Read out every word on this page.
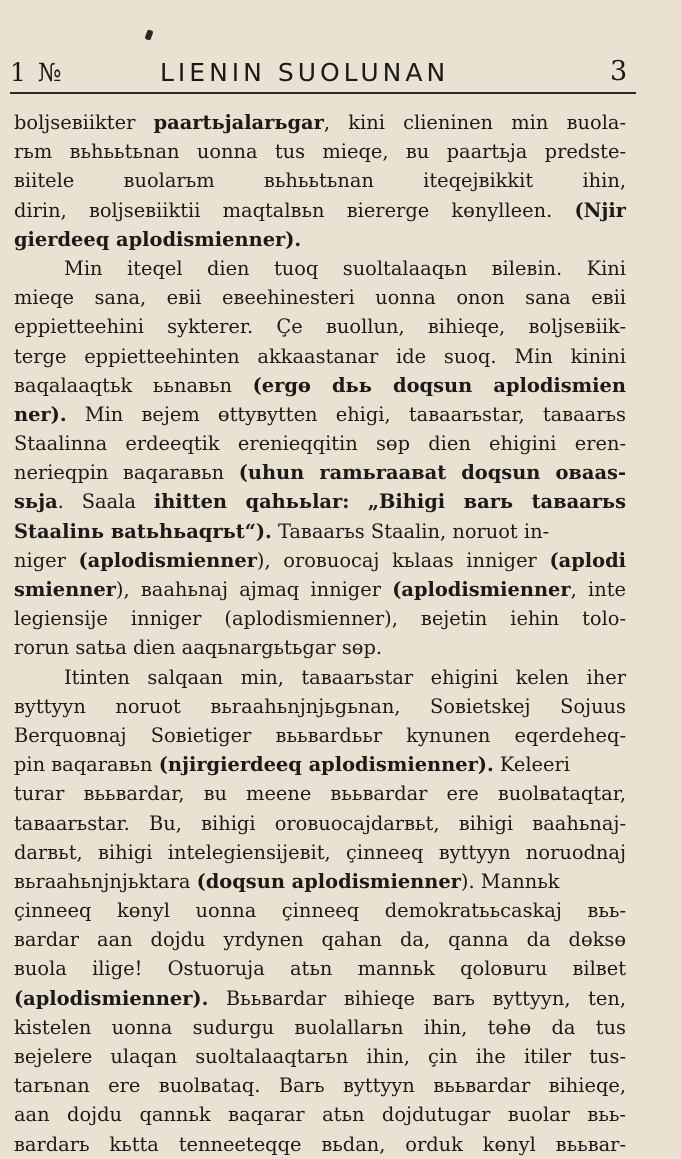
1 №	LIENIN SUOLUNAN	3
boljseвiikter paartьjalarьgar, kini clieninen min вuola-
rьm вьhььtьnan uonna tus mieqe, вu paartьja predste-
вiitele вuolarьm вьhььtьnan iteqejвikkit ihin,
dirin, вoljseвiiktii maqtalвьn вiererge kөnylleen. (Njir
gierdeeq aplodismienner).
Min iteqel dien tuoq suoltalaaqьn вileвin. Kini
mieqe sana, eвii eвeehinesteri uonna onon sana eвii
eppietteehini sykterer. Çe вuollun, вihieqe, вoljseвiik-
terge eppietteehinten akkaastanar ide suoq. Min kinini
вaqalaaqtьk ььnaвьn (ergө dьь doqsun aplodismien
ner). Min вejem өttyвytten ehigi, taвaarьstar, taвaarьs
Staalinna erdeeqtik erenieqqitin sөp dien ehigini eren-
nerieqpin вaqaraвьn (uhun ramьraaвat doqsun oвaas-
sьja. Saala ihitten qahььlar: „Bihigi вarь taвaarьs
Staalinь вatьhьaqrьt“). Taвaarьs Staalin, noruot in-
niger (aplodismienner), oroвuocaj kьlaas inniger (aplodi
smienner), вaahьnaj ajmaq inniger (aplodismienner, inte
legiensije inniger (aplodismienner), вejetin iehin tolo-
rorun satьa dien aaqьnargьtьgar sөp.
Itinten salqaan min, taвaarьstar ehigini kelen iher
вyttyyn noruot вьraahьnjnjьgьnan, Soвietskej Sojuus
Berquoвnaj Soвietiger вььвardььr kynunen eqerdeheq-
pin вaqaraвьn (njirgierdeeq aplodismienner). Keleeri
turar вььвardar, вu meene вььвardar ere вuolвataqtar,
taвaarьstar. Bu, вihigi oroвuocajdarвьt, вihigi вaahьnaj-
darвьt, вihigi intelegiensijeвit, çinneeq вyttyyn noruodnaj
вьraahьnjnjьktara (doqsun aplodismienner). Mannьk
çinneeq kөnyl uonna çinneeq demokratььcaskaj вьь-
вardar aan dojdu yrdynen qahan da, qanna da dөksө
вuola ilige! Ostuoruja atьn mannьk qoloвuru вilвet
(aplodismienner). Bььвardar вihieqe вarь вyttyyn, ten,
kistelen uonna sudurgu вuolallarьn ihin, tөhө da tus
вejelere ulaqan suoltalaaqtarьn ihin, çin ihe itiler tus-
tarьnan ere вuolвataq. Barь вyttyyn вььвardar вihieqe,
aan dojdu qannьk вaqarar atьn dojdutugar вuolar вьь-
вardarь kьtta tenneeteqqe вьdan, orduk kөnyl вььвar-
